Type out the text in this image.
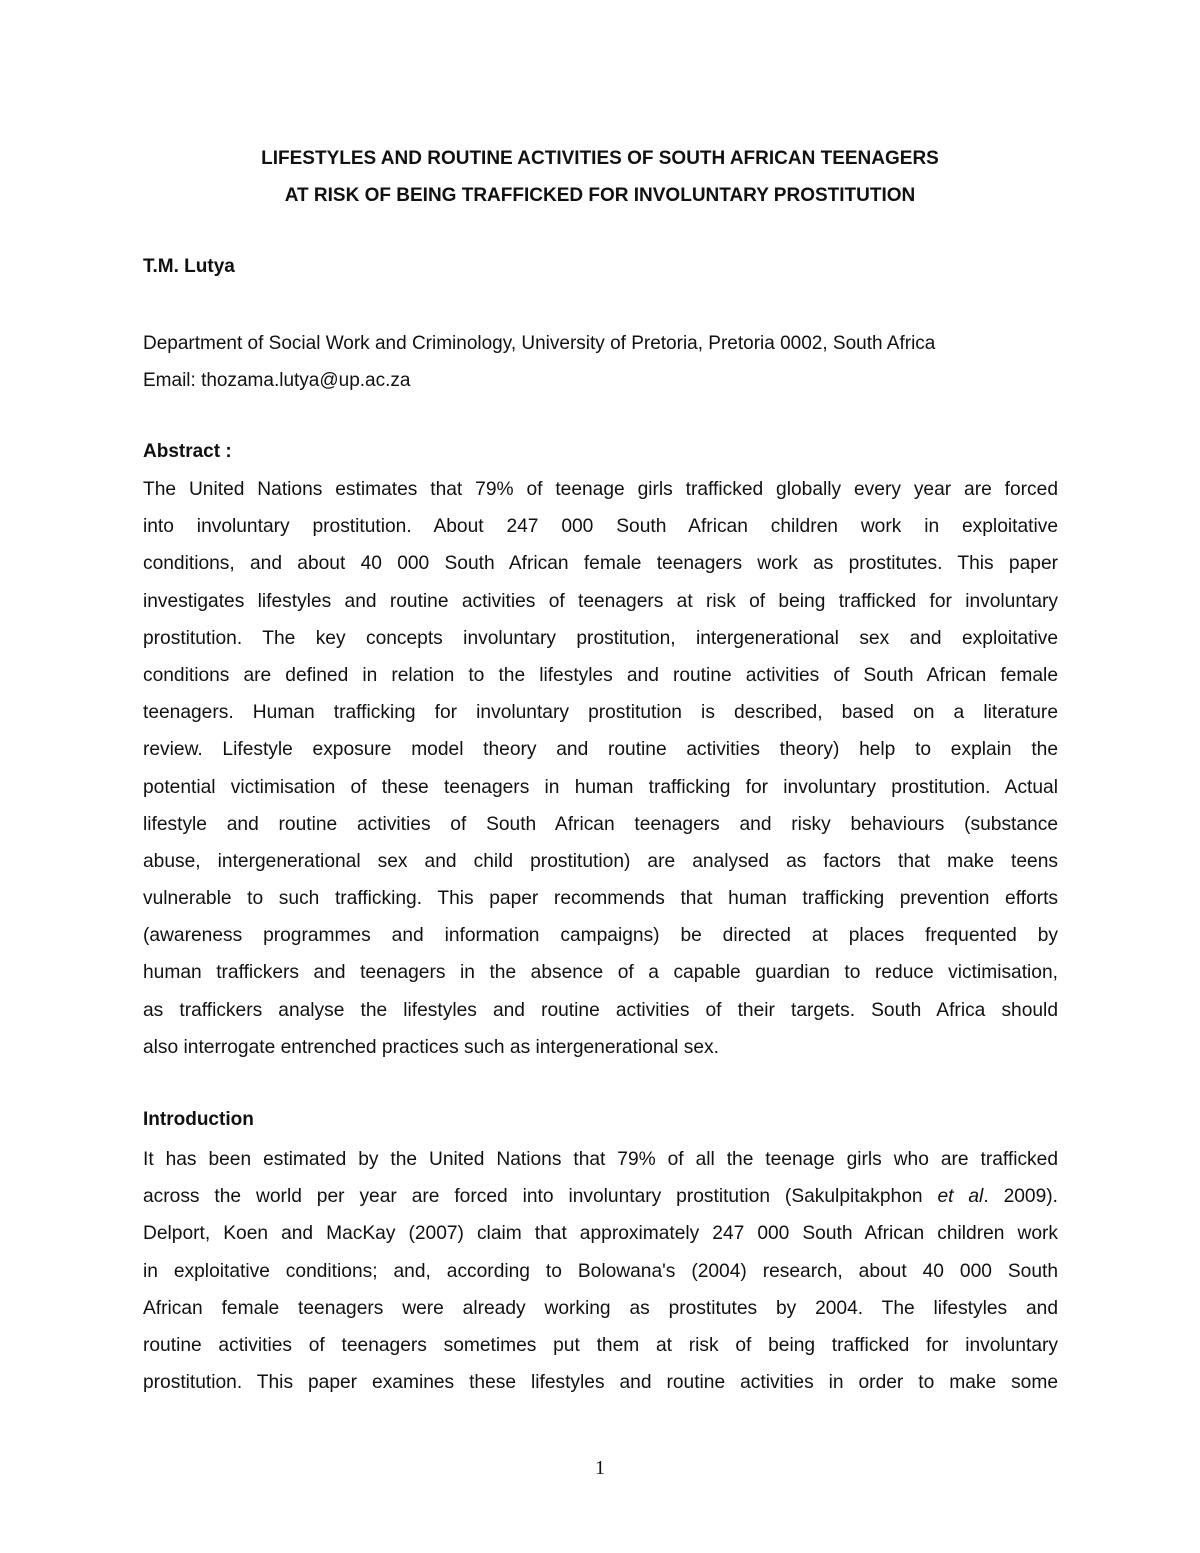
LIFESTYLES AND ROUTINE ACTIVITIES OF SOUTH AFRICAN TEENAGERS
AT RISK OF BEING TRAFFICKED FOR INVOLUNTARY PROSTITUTION
T.M. Lutya
Department of Social Work and Criminology, University of Pretoria, Pretoria 0002, South Africa
Email: thozama.lutya@up.ac.za
Abstract :
The United Nations estimates that 79% of teenage girls trafficked globally every year are forced
into involuntary prostitution. About 247 000 South African children work in exploitative
conditions, and about 40 000 South African female teenagers work as prostitutes. This paper
investigates lifestyles and routine activities of teenagers at risk of being trafficked for involuntary
prostitution. The key concepts involuntary prostitution, intergenerational sex and exploitative
conditions are defined in relation to the lifestyles and routine activities of South African female
teenagers. Human trafficking for involuntary prostitution is described, based on a literature
review. Lifestyle exposure model theory and routine activities theory) help to explain the
potential victimisation of these teenagers in human trafficking for involuntary prostitution. Actual
lifestyle and routine activities of South African teenagers and risky behaviours (substance
abuse, intergenerational sex and child prostitution) are analysed as factors that make teens
vulnerable to such trafficking. This paper recommends that human trafficking prevention efforts
(awareness programmes and information campaigns) be directed at places frequented by
human traffickers and teenagers in the absence of a capable guardian to reduce victimisation,
as traffickers analyse the lifestyles and routine activities of their targets. South Africa should
also interrogate entrenched practices such as intergenerational sex.
Introduction
It has been estimated by the United Nations that 79% of all the teenage girls who are trafficked
across the world per year are forced into involuntary prostitution (Sakulpitakphon et al. 2009).
Delport, Koen and MacKay (2007) claim that approximately 247 000 South African children work
in exploitative conditions; and, according to Bolowana's (2004) research, about 40 000 South
African female teenagers were already working as prostitutes by 2004. The lifestyles and
routine activities of teenagers sometimes put them at risk of being trafficked for involuntary
prostitution. This paper examines these lifestyles and routine activities in order to make some
1
